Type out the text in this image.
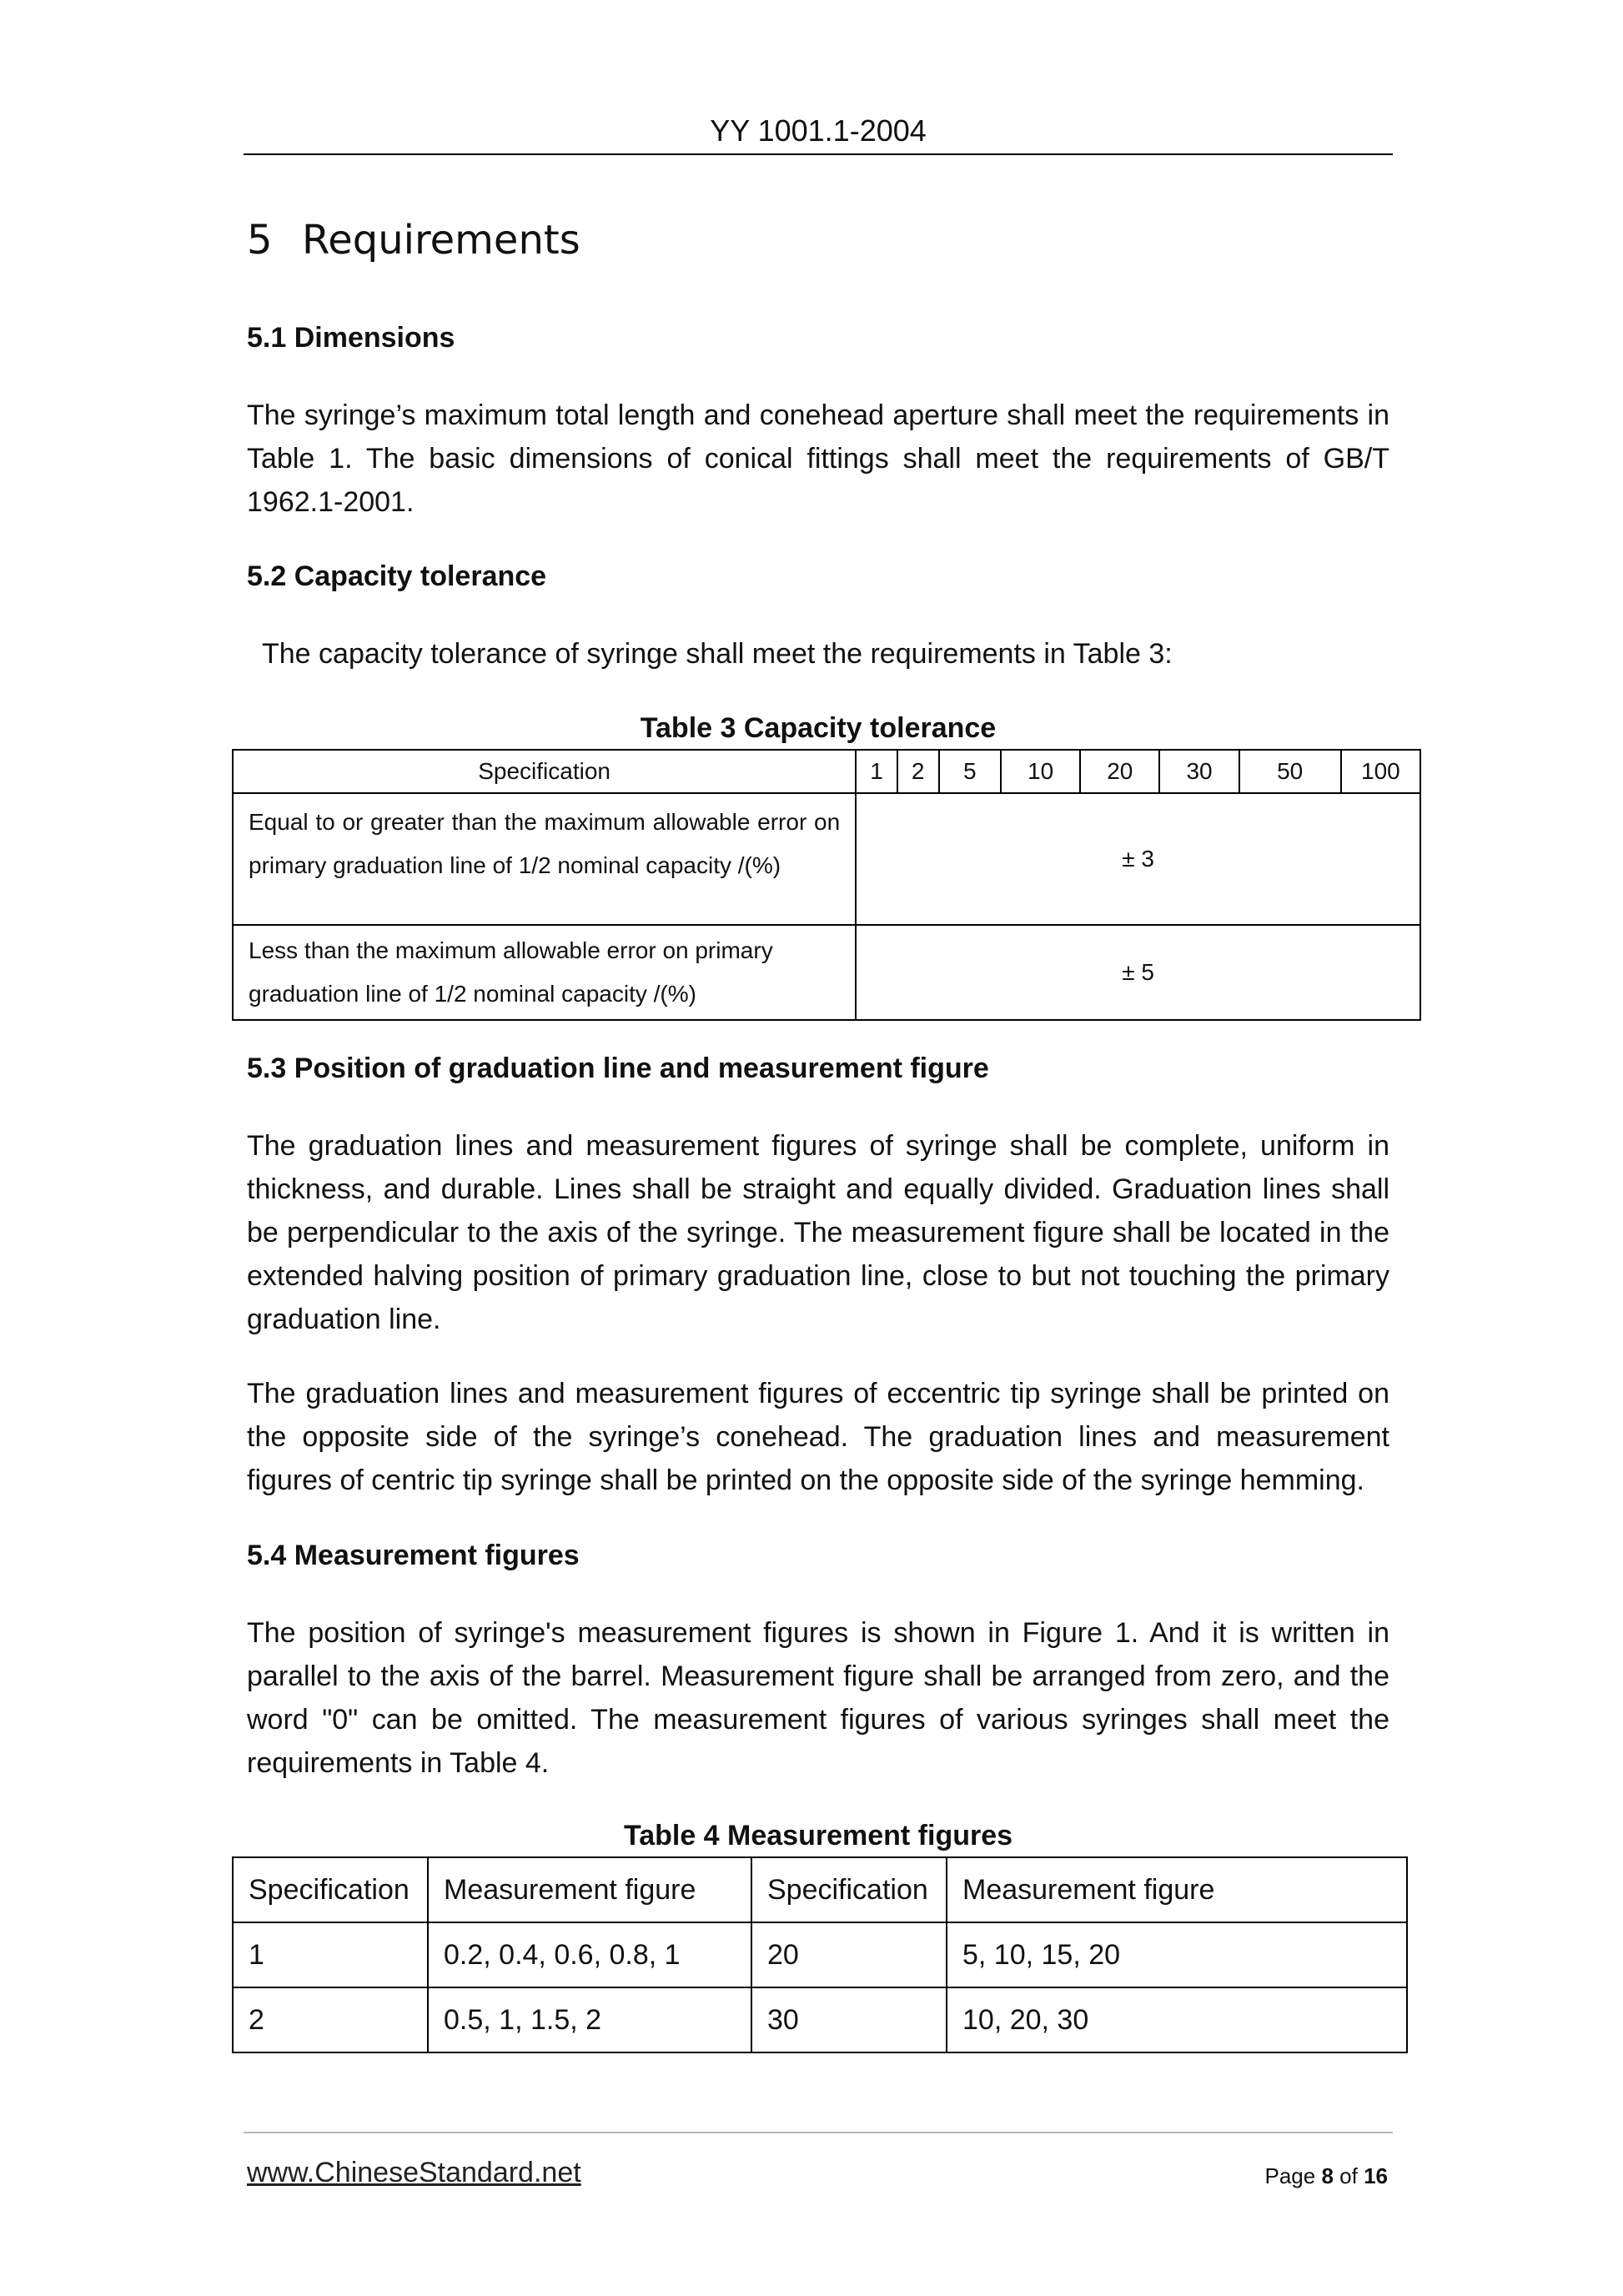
YY 1001.1-2004
5 Requirements
5.1 Dimensions
The syringe’s maximum total length and conehead aperture shall meet the requirements in Table 1. The basic dimensions of conical fittings shall meet the requirements of GB/T 1962.1-2001.
5.2 Capacity tolerance
The capacity tolerance of syringe shall meet the requirements in Table 3:
Table 3 Capacity tolerance
Specification	1	2	5	10	20	30	50	100
Equal to or greater than the maximum allowable error on primary graduation line of 1/2 nominal capacity /(%)	± 3
Less than the maximum allowable error on primary graduation line of 1/2 nominal capacity /(%)	± 5
5.3 Position of graduation line and measurement figure
The graduation lines and measurement figures of syringe shall be complete, uniform in thickness, and durable. Lines shall be straight and equally divided. Graduation lines shall be perpendicular to the axis of the syringe. The measurement figure shall be located in the extended halving position of primary graduation line, close to but not touching the primary graduation line.
The graduation lines and measurement figures of eccentric tip syringe shall be printed on the opposite side of the syringe’s conehead. The graduation lines and measurement figures of centric tip syringe shall be printed on the opposite side of the syringe hemming.
5.4 Measurement figures
The position of syringe's measurement figures is shown in Figure 1. And it is written in parallel to the axis of the barrel. Measurement figure shall be arranged from zero, and the word "0" can be omitted. The measurement figures of various syringes shall meet the requirements in Table 4.
Table 4 Measurement figures
Specification	Measurement figure	Specification	Measurement figure
1	0.2, 0.4, 0.6, 0.8, 1	20	5, 10, 15, 20
2	0.5, 1, 1.5, 2	30	10, 20, 30
www.ChineseStandard.net	Page 8 of 16
